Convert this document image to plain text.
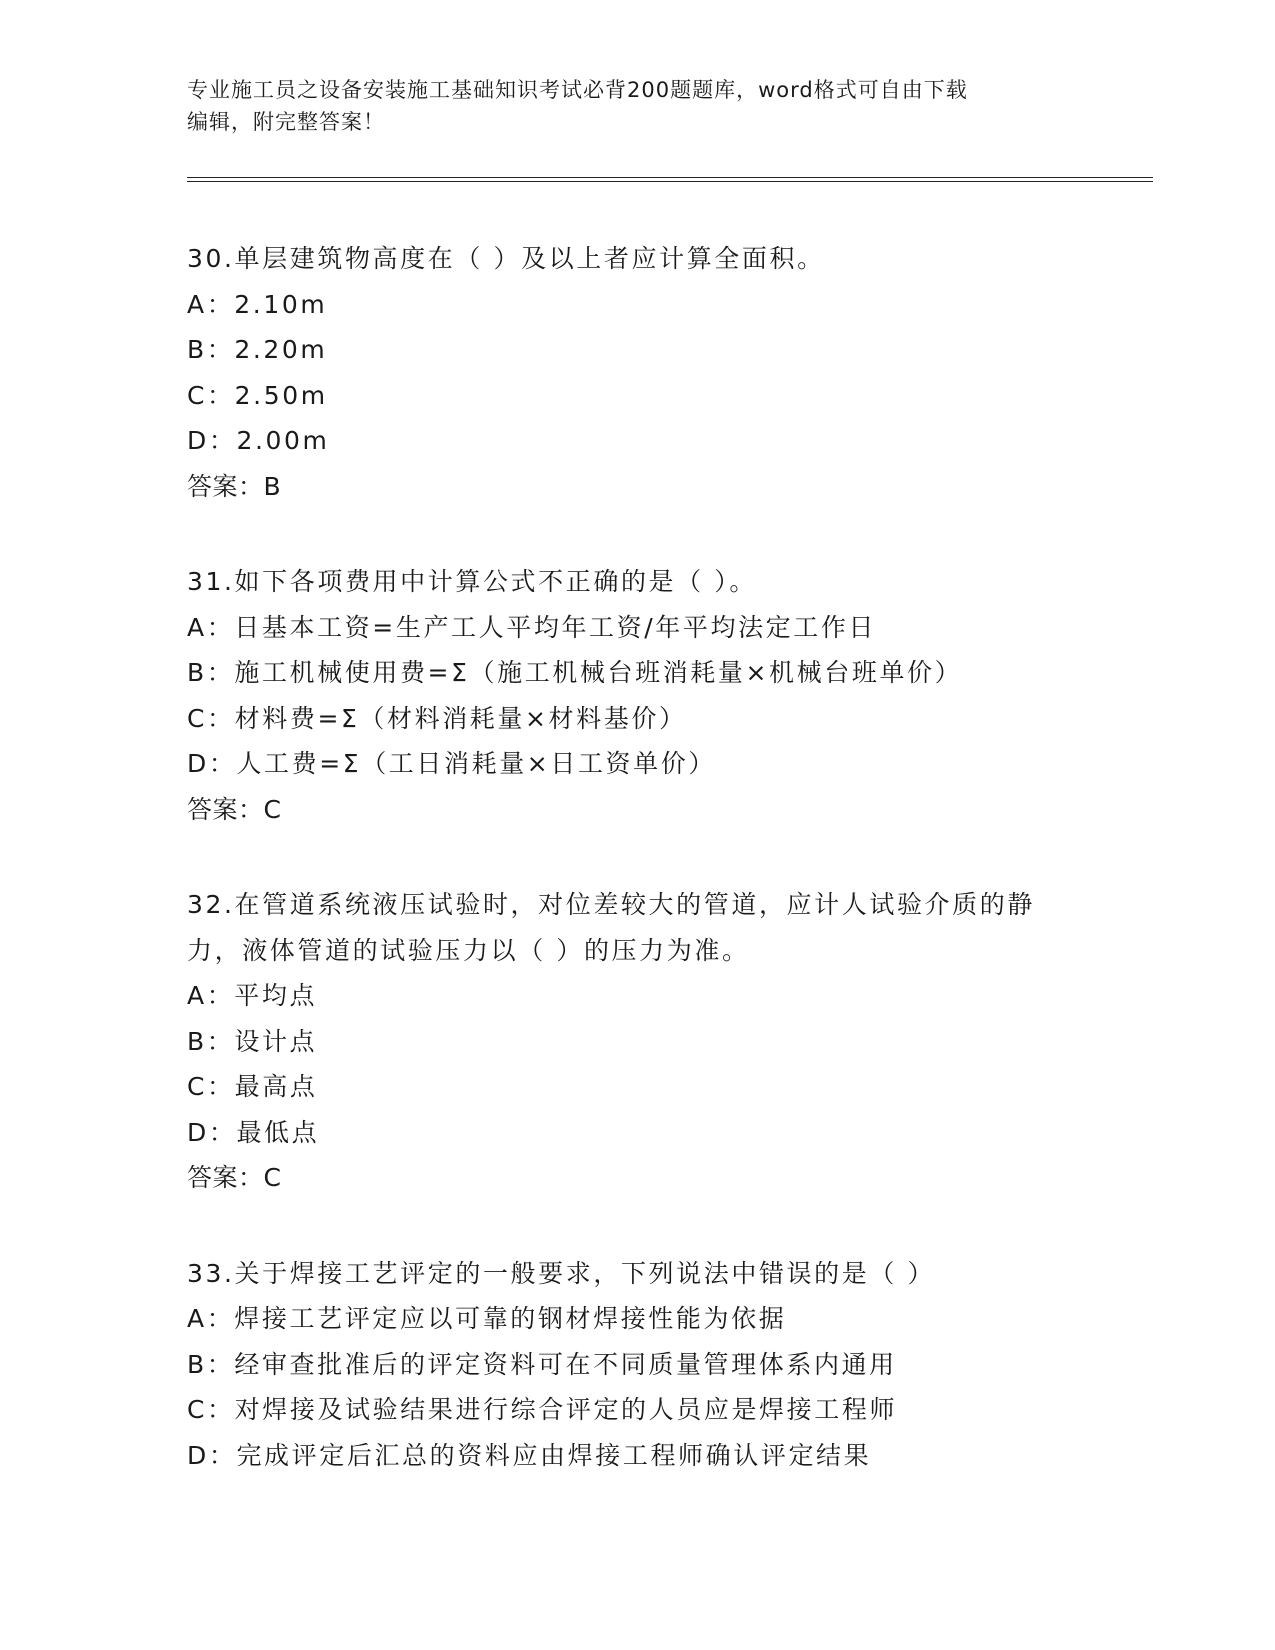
专业施工员之设备安装施工基础知识考试必背200题题库，word格式可自由下载
编辑，附完整答案！
30.单层建筑物高度在（ ）及以上者应计算全面积。
A：2.10m
B：2.20m
C：2.50m
D：2.00m
答案：B
31.如下各项费用中计算公式不正确的是（ ）。
A：日基本工资=生产工人平均年工资/年平均法定工作日
B：施工机械使用费=Σ（施工机械台班消耗量×机械台班单价）
C：材料费=Σ（材料消耗量×材料基价）
D：人工费=Σ（工日消耗量×日工资单价）
答案：C
32.在管道系统液压试验时，对位差较大的管道，应计人试验介质的静力，液体管道的试验压力以（ ）的压力为准。
A：平均点
B：设计点
C：最高点
D：最低点
答案：C
33.关于焊接工艺评定的一般要求，下列说法中错误的是（ ）
A：焊接工艺评定应以可靠的钢材焊接性能为依据
B：经审查批准后的评定资料可在不同质量管理体系内通用
C：对焊接及试验结果进行综合评定的人员应是焊接工程师
D：完成评定后汇总的资料应由焊接工程师确认评定结果
